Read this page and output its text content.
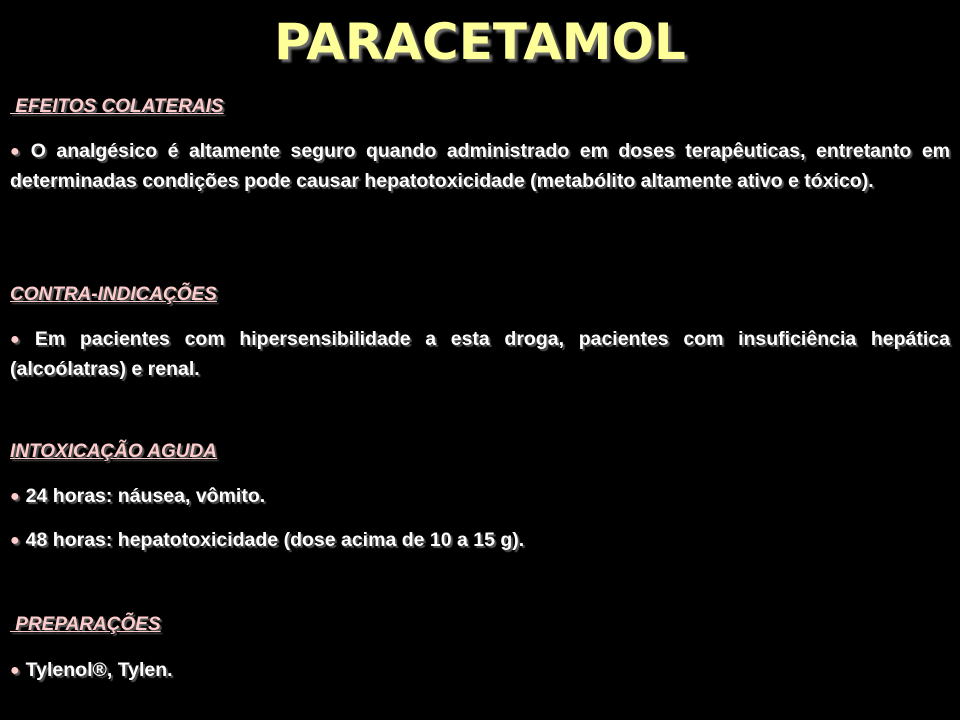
PARACETAMOL
EFEITOS COLATERAIS
● O analgésico é altamente seguro quando administrado em doses terapêuticas, entretanto em determinadas condições pode causar hepatotoxicidade (metabólito altamente ativo e tóxico).
CONTRA-INDICAÇÕES
● Em pacientes com hipersensibilidade a esta droga, pacientes com insuficiência hepática (alcoólatras) e renal.
INTOXICAÇÃO AGUDA
● 24 horas: náusea, vômito.
● 48 horas: hepatotoxicidade (dose acima de 10 a 15 g).
PREPARAÇÕES
● Tylenol®, Tylen.
